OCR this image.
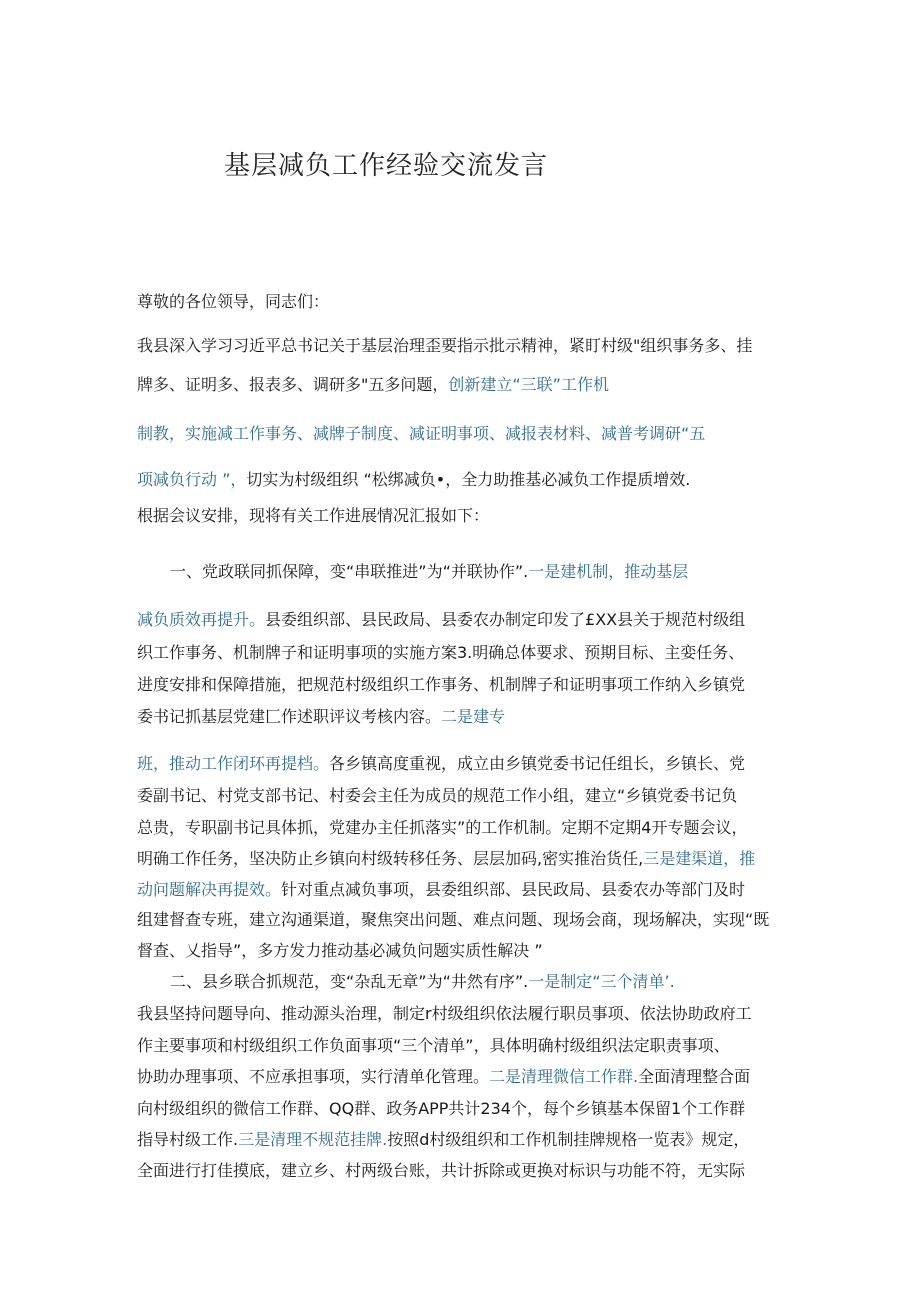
基层减负工作经验交流发言
尊敬的各位领导，同志们：
我县深入学习习近平总书记关于基层治理歪要指示批示精神，紧盯村级"组织事务多、挂
牌多、证明多、报表多、调研多"五多问题，创新建立“三联”工作机
制教，实施减工作事务、减牌子制度、减证明事项、减报表材料、减普考调研“五
项减负行动 ”，切实为村级组织 “松绑减负•，全力助推基必减负工作提质增效.
根据会议安排，现将有关工作进展情况汇报如下：
一、党政联同抓保障，变“串联推进”为“并联协作”.一是建机制，推动基层
减负质效再提升。县委组织部、县民政局、县委农办制定印发了£XX县关于规范村级组
织工作事务、机制牌子和证明事项的实施方案3.明确总体要求、预期目标、主娈任务、
进度安排和保障措施，把规范村级组织工作事务、机制牌子和证明事项工作纳入乡镇党
委书记抓基层党建匚作述职评议考核内容。二是建专
班，推动工作闭环再提档。各乡镇高度重视，成立由乡镇党委书记任组长，乡镇长、党
委副书记、村党支部书记、村委会主任为成员的规范工作小组，建立“乡镇党委书记负
总贵，专职副书记具体抓，党建办主任抓落实”的工作机制。定期不定期4开专题会议，
明确工作任务，坚决防止乡镇向村级转移任务、层层加码,密实推治货任,三是建渠道，推
动问题解决再提效。针对重点减负事项，县委组织部、县民政局、县委农办等部门及时
组建督查专班，建立沟通渠道，聚焦突出问题、难点问题、现场会商，现场解决，实现“既
督查、乂指导”，多方发力推动基必减负问题实质性解决 ”
二、县乡联合抓规范，变“杂乱无章”为“井然有序”.一是制定“三个清单’.
我县坚持问题导向、推动源头治理，制定r村级组织依法履行职员事项、依法协助政府工
作主要事项和村级组织工作负面事项“三个清单”，具体明确村级组织法定职责事项、
协助办理事项、不应承担事项，实行清单化管理。二是清理微信工作群.全面清理整合面
向村级组织的微信工作群、QQ群、政务APP共计234个，每个乡镇基本保留1个工作群
指导村级工作.三是清理不规范挂牌.按照d村级组织和工作机制挂牌规格一览表》规定，
全面进行打佳摸底，建立乡、村两级台账，共计拆除或更换对标识与功能不符，无实际
